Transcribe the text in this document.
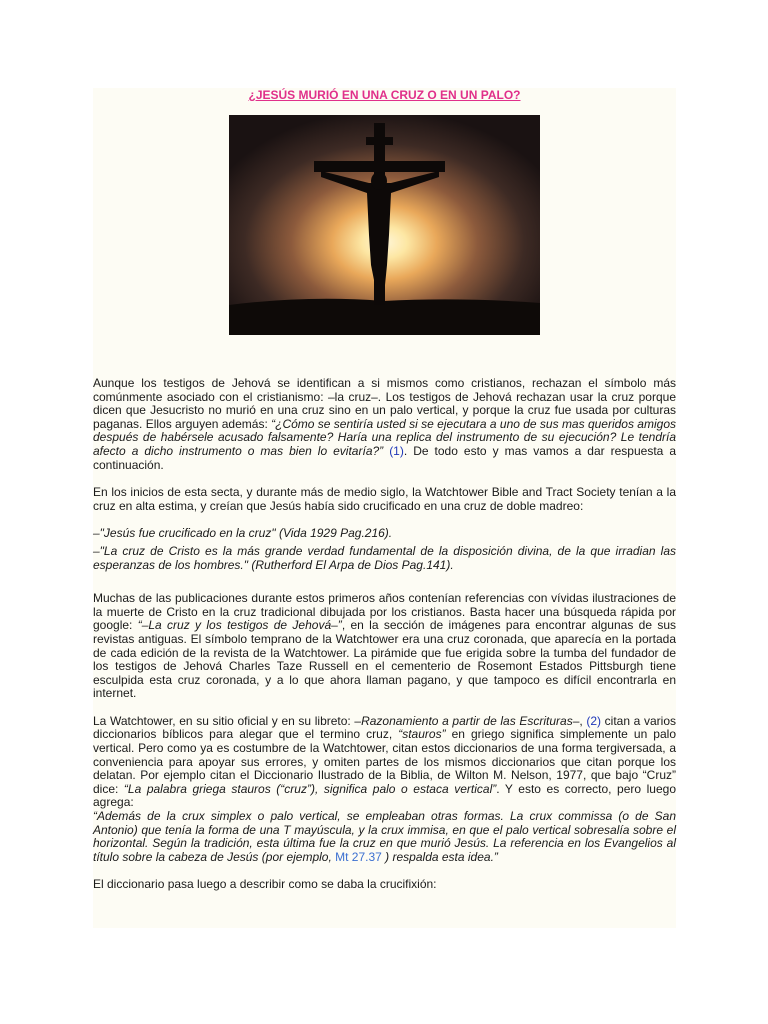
¿JESÚS MURIÓ EN UNA CRUZ O EN UN PALO?

Aunque los testigos de Jehová se identifican a si mismos como cristianos, rechazan el símbolo más comúnmente asociado con el cristianismo: –la cruz–. Los testigos de Jehová rechazan usar la cruz porque dicen que Jesucristo no murió en una cruz sino en un palo vertical, y porque la cruz fue usada por culturas paganas. Ellos arguyen además: “¿Cómo se sentiría usted si se ejecutara a uno de sus mas queridos amigos después de habérsele acusado falsamente? Haría una replica del instrumento de su ejecución? Le tendría afecto a dicho instrumento o mas bien lo evitaría?” (1). De todo esto y mas vamos a dar respuesta a continuación.

En los inicios de esta secta, y durante más de medio siglo, la Watchtower Bible and Tract Society tenían a la cruz en alta estima, y creían que Jesús había sido crucificado en una cruz de doble madreo:

–"Jesús fue crucificado en la cruz" (Vida 1929 Pag.216).

–"La cruz de Cristo es la más grande verdad fundamental de la disposición divina, de la que irradian las esperanzas de los hombres." (Rutherford El Arpa de Dios Pag.141).

Muchas de las publicaciones durante estos primeros años contenían referencias con vívidas ilustraciones de la muerte de Cristo en la cruz tradicional dibujada por los cristianos. Basta hacer una búsqueda rápida por google: “–La cruz y los testigos de Jehová–”, en la sección de imágenes para encontrar algunas de sus revistas antiguas. El símbolo temprano de la Watchtower era una cruz coronada, que aparecía en la portada de cada edición de la revista de la Watchtower. La pirámide que fue erigida sobre la tumba del fundador de los testigos de Jehová Charles Taze Russell en el cementerio de Rosemont Estados Pittsburgh tiene esculpida esta cruz coronada, y a lo que ahora llaman pagano, y que tampoco es difícil encontrarla en internet.

La Watchtower, en su sitio oficial y en su libreto: –Razonamiento a partir de las Escrituras–, (2) citan a varios diccionarios bíblicos para alegar que el termino cruz, “stauros” en griego significa simplemente un palo vertical. Pero como ya es costumbre de la Watchtower, citan estos diccionarios de una forma tergiversada, a conveniencia para apoyar sus errores, y omiten partes de los mismos diccionarios que citan porque los delatan. Por ejemplo citan el Diccionario Ilustrado de la Biblia, de Wilton M. Nelson, 1977, que bajo “Cruz” dice: “La palabra griega stauros (“cruz”), significa palo o estaca vertical”. Y esto es correcto, pero luego agrega:
“Además de la crux simplex o palo vertical, se empleaban otras formas. La crux commissa (o de San Antonio) que tenía la forma de una T mayúscula, y la crux immisa, en que el palo vertical sobresalía sobre el horizontal. Según la tradición, esta última fue la cruz en que murió Jesús. La referencia en los Evangelios al título sobre la cabeza de Jesús (por ejemplo, Mt 27.37 ) respalda esta idea.”

El diccionario pasa luego a describir como se daba la crucifixión:
